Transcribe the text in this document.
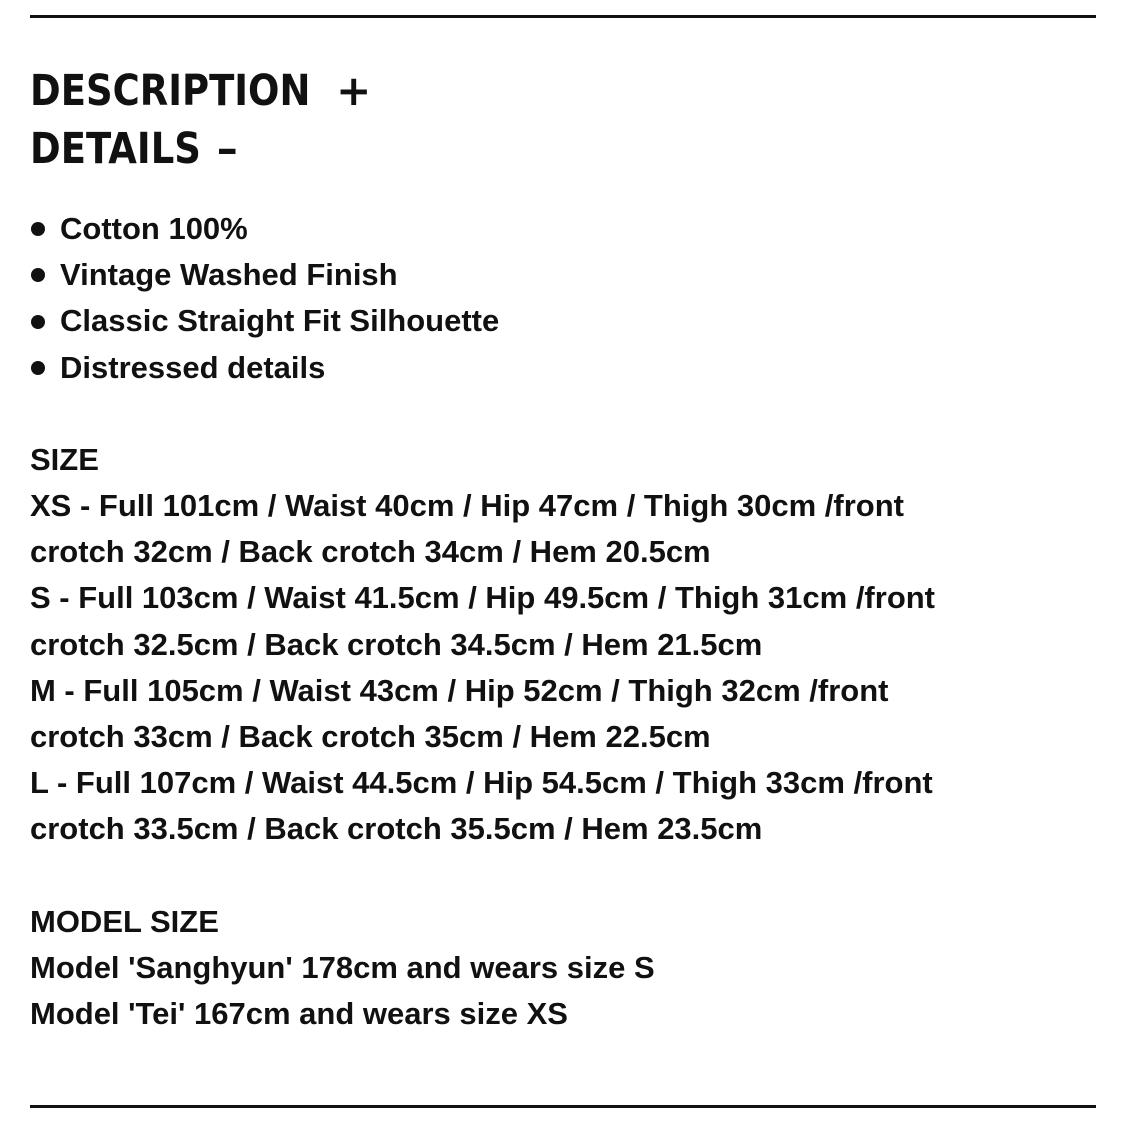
DESCRIPTION +
DETAILS –
Cotton 100%
Vintage Washed Finish
Classic Straight Fit Silhouette
Distressed details
SIZE
XS - Full 101cm / Waist 40cm / Hip 47cm / Thigh 30cm /front
crotch 32cm / Back crotch 34cm / Hem 20.5cm
S - Full 103cm / Waist 41.5cm / Hip 49.5cm / Thigh 31cm /front
crotch 32.5cm / Back crotch 34.5cm / Hem 21.5cm
M - Full 105cm / Waist 43cm / Hip 52cm / Thigh 32cm /front
crotch 33cm / Back crotch 35cm / Hem 22.5cm
L - Full 107cm / Waist 44.5cm / Hip 54.5cm / Thigh 33cm /front
crotch 33.5cm / Back crotch 35.5cm / Hem 23.5cm
MODEL SIZE
Model 'Sanghyun' 178cm and wears size S
Model 'Tei' 167cm and wears size XS
